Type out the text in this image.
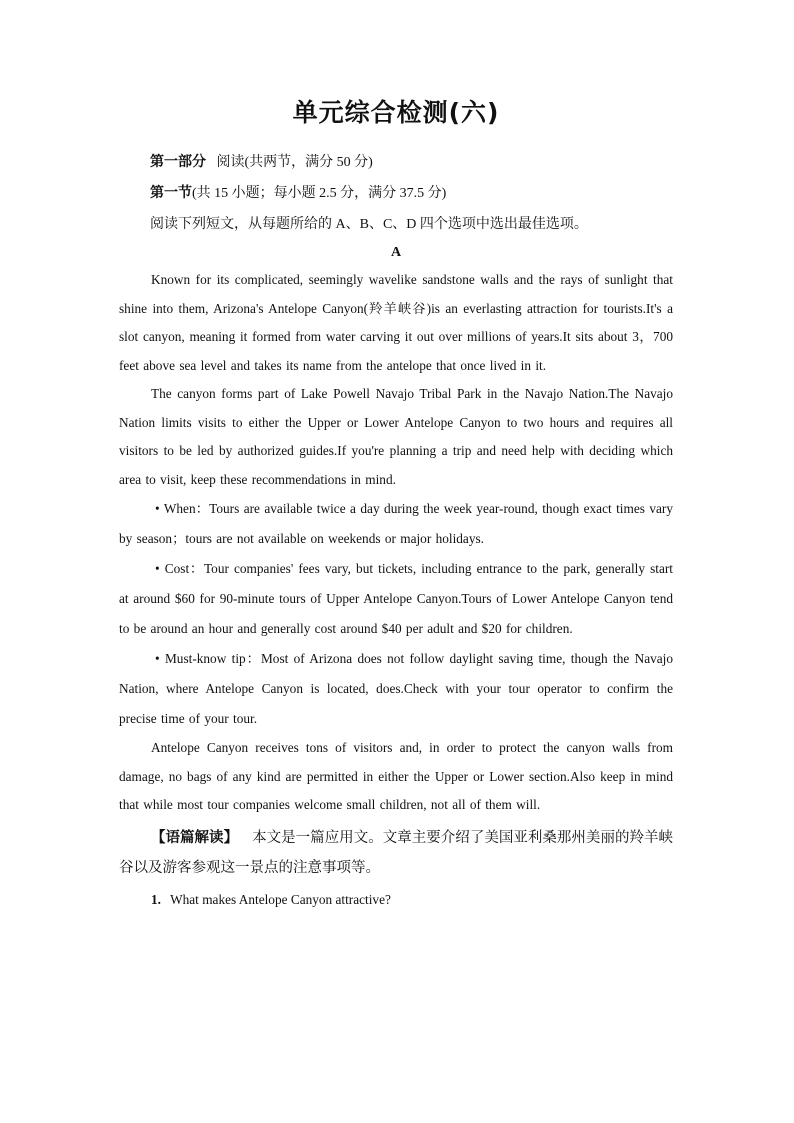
单元综合检测(六)
第一部分 阅读(共两节，满分 50 分)
第一节(共 15 小题；每小题 2.5 分，满分 37.5 分)
阅读下列短文，从每题所给的 A、B、C、D 四个选项中选出最佳选项。
A
Known for its complicated, seemingly wavelike sandstone walls and the rays of sunlight that shine into them, Arizona's Antelope Canyon(羚羊峡谷)is an everlasting attraction for tourists.It's a slot canyon, meaning it formed from water carving it out over millions of years.It sits about 3，700 feet above sea level and takes its name from the antelope that once lived in it.
The canyon forms part of Lake Powell Navajo Tribal Park in the Navajo Nation.The Navajo Nation limits visits to either the Upper or Lower Antelope Canyon to two hours and requires all visitors to be led by authorized guides.If you're planning a trip and need help with deciding which area to visit, keep these recommendations in mind.
• When：Tours are available twice a day during the week year-round, though exact times vary by season；tours are not available on weekends or major holidays.
• Cost：Tour companies' fees vary, but tickets, including entrance to the park, generally start at around $60 for 90-minute tours of Upper Antelope Canyon.Tours of Lower Antelope Canyon tend to be around an hour and generally cost around $40 per adult and $20 for children.
• Must-know tip：Most of Arizona does not follow daylight saving time, though the Navajo Nation, where Antelope Canyon is located, does.Check with your tour operator to confirm the precise time of your tour.
Antelope Canyon receives tons of visitors and, in order to protect the canyon walls from damage, no bags of any kind are permitted in either the Upper or Lower section.Also keep in mind that while most tour companies welcome small children, not all of them will.
【语篇解读】 本文是一篇应用文。文章主要介绍了美国亚利桑那州美丽的羚羊峡谷以及游客参观这一景点的注意事项等。
1. What makes Antelope Canyon attractive?
